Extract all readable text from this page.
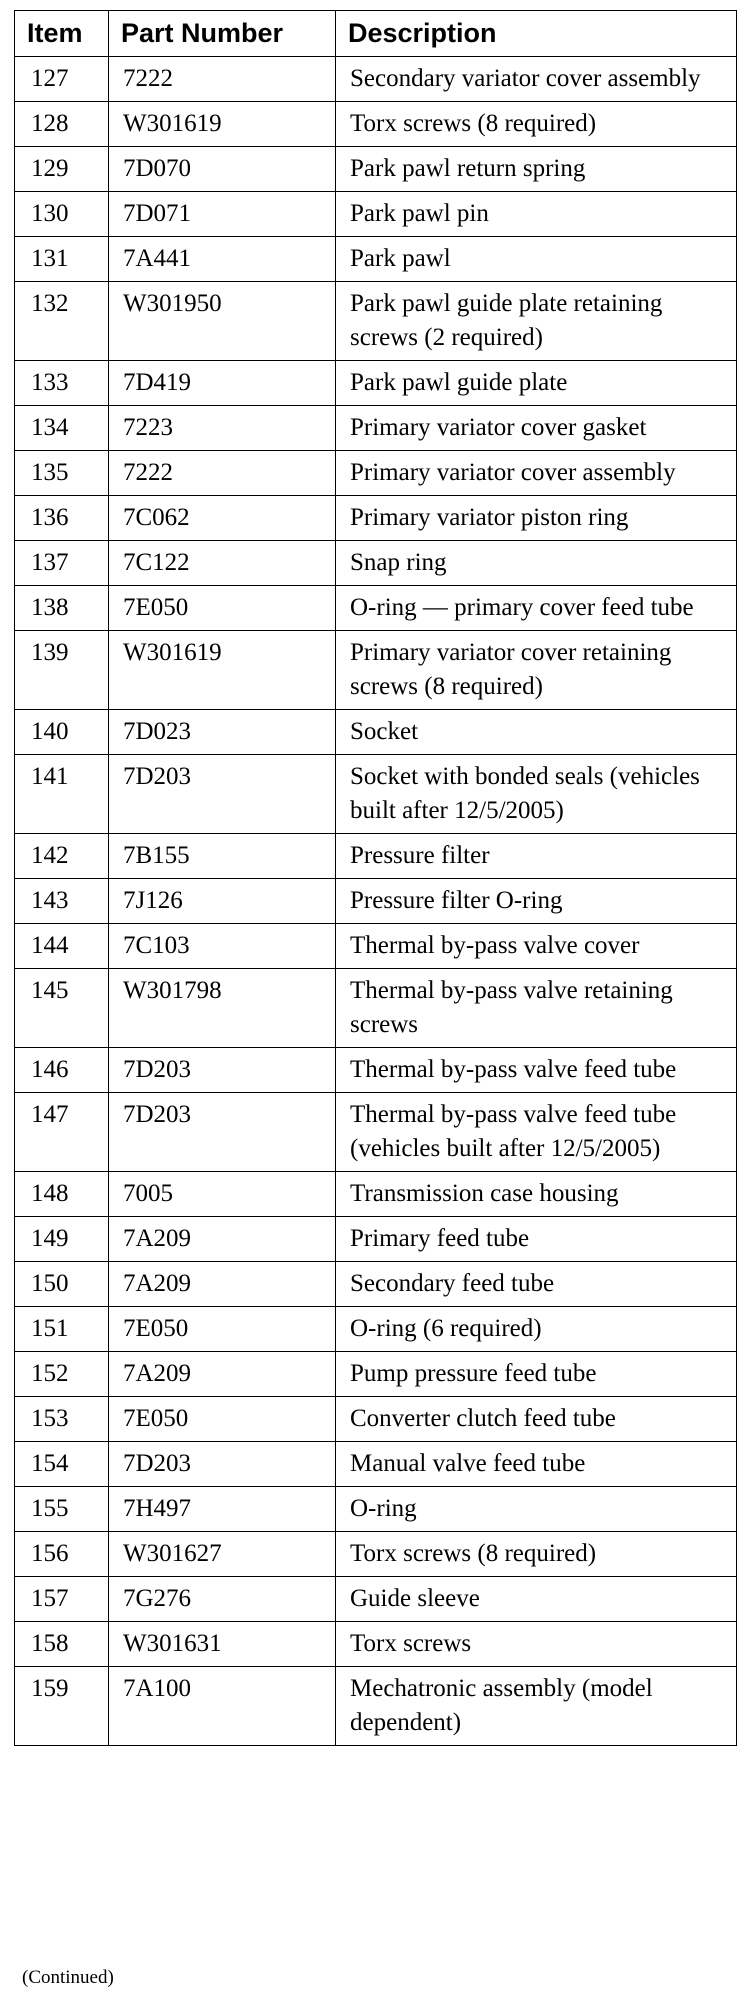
Item	Part Number	Description
127	7222	Secondary variator cover assembly
128	W301619	Torx screws (8 required)
129	7D070	Park pawl return spring
130	7D071	Park pawl pin
131	7A441	Park pawl
132	W301950	Park pawl guide plate retaining screws (2 required)
133	7D419	Park pawl guide plate
134	7223	Primary variator cover gasket
135	7222	Primary variator cover assembly
136	7C062	Primary variator piston ring
137	7C122	Snap ring
138	7E050	O-ring — primary cover feed tube
139	W301619	Primary variator cover retaining screws (8 required)
140	7D023	Socket
141	7D203	Socket with bonded seals (vehicles built after 12/5/2005)
142	7B155	Pressure filter
143	7J126	Pressure filter O-ring
144	7C103	Thermal by-pass valve cover
145	W301798	Thermal by-pass valve retaining screws
146	7D203	Thermal by-pass valve feed tube
147	7D203	Thermal by-pass valve feed tube (vehicles built after 12/5/2005)
148	7005	Transmission case housing
149	7A209	Primary feed tube
150	7A209	Secondary feed tube
151	7E050	O-ring (6 required)
152	7A209	Pump pressure feed tube
153	7E050	Converter clutch feed tube
154	7D203	Manual valve feed tube
155	7H497	O-ring
156	W301627	Torx screws (8 required)
157	7G276	Guide sleeve
158	W301631	Torx screws
159	7A100	Mechatronic assembly (model dependent)
(Continued)
